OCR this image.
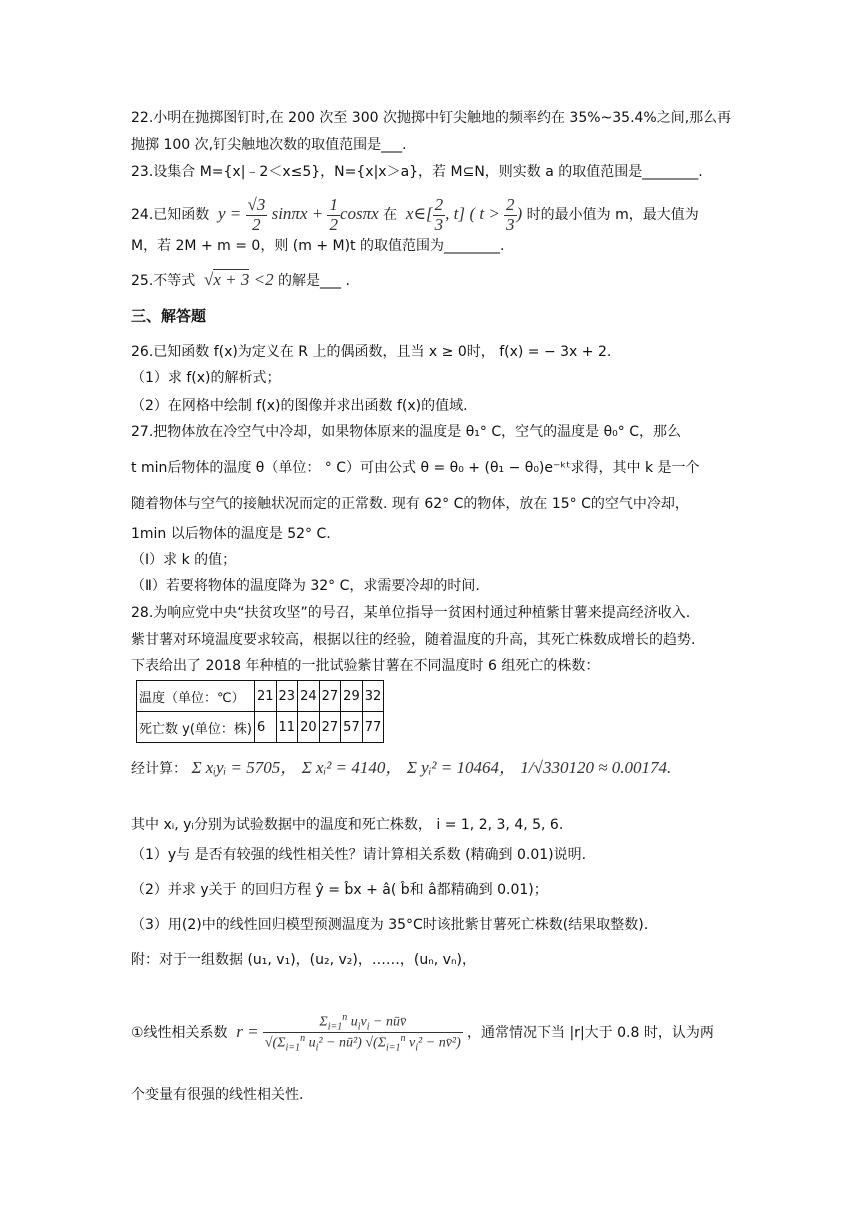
22.小明在抛掷图钉时,在 200 次至 300 次抛掷中钉尖触地的频率约在 35%~35.4%之间,那么再
抛掷 100 次,钉尖触地次数的取值范围是___.
23.设集合 M={x|﹣2＜x≤5}，N={x|x＞a}，若 M⊆N，则实数 a 的取值范围是________.
24.已知函数  $y = \frac{√3}{2}$ $\sin\pi x + \frac{1}{2}$ cosπx 在  x∈[ $\frac{2}{3}$ , t] ( $t > \frac{2}{3}$ ) 时的最小值为 m，最大值为
M，若 2M + m = 0，则 (m + M)t 的取值范围为________.
25.不等式  √x + 3 <2 的解是___ .
三、解答题
26.已知函数 f(x)为定义在 R 上的偶函数，且当 x ≥ 0时， f(x) = − 3x + 2.
（1）求 f(x)的解析式；
（2）在网格中绘制 f(x)的图像并求出函数 f(x)的值域.
27.把物体放在冷空气中冷却，如果物体原来的温度是 θ₁° C，空气的温度是 θ₀° C，那么
t min后物体的温度 θ（单位： ° C）可由公式 θ = θ₀ + (θ₁ − θ₀)e⁻ᵏᵗ求得，其中 k 是一个
随着物体与空气的接触状况而定的正常数. 现有 62° C的物体，放在 15° C的空气中冷却，
1min 以后物体的温度是 52° C.
（Ⅰ）求 k 的值；
（Ⅱ）若要将物体的温度降为 32° C，求需要冷却的时间.
28.为响应党中央“扶贫攻坚”的号召，某单位指导一贫困村通过种植紫甘薯来提高经济收入.
紫甘薯对环境温度要求较高，根据以往的经验，随着温度的升高，其死亡株数成增长的趋势.
下表给出了 2018 年种植的一批试验紫甘薯在不同温度时 6 组死亡的株数：
温度（单位：℃）	21	23	24	27	29	32
死亡数 y(单位：株)	6	11	20	27	57	77
经计算： Σ xᵢyᵢ = 5705， Σ xᵢ² = 4140， Σ yᵢ² = 10464， 1/√330120 ≈ 0.00174.
其中 xᵢ, yᵢ分别为试验数据中的温度和死亡株数， i = 1, 2, 3, 4, 5, 6.
（1）y与 是否有较强的线性相关性？请计算相关系数 (精确到 0.01)说明.
（2）并求 y关于 的回归方程 ŷ = b̂x + â( b̂和 â都精确到 0.01)；
（3）用(2)中的线性回归模型预测温度为 35°C时该批紫甘薯死亡株数(结果取整数).
附：对于一组数据 (u₁, v₁)，(u₂, v₂)，……，(uₙ, vₙ)，
①线性相关系数  $r = \frac{\Sigma_{i=1}^n u_iv_i - nūv̄}{√(\Sigma_{i=1}^n u_i^2 - nū^2) √(\Sigma_{i=1}^n v_i^2 - nv̄^2)}$ ，通常情况下当 |r|大于 0.8 时，认为两
个变量有很强的线性相关性.
